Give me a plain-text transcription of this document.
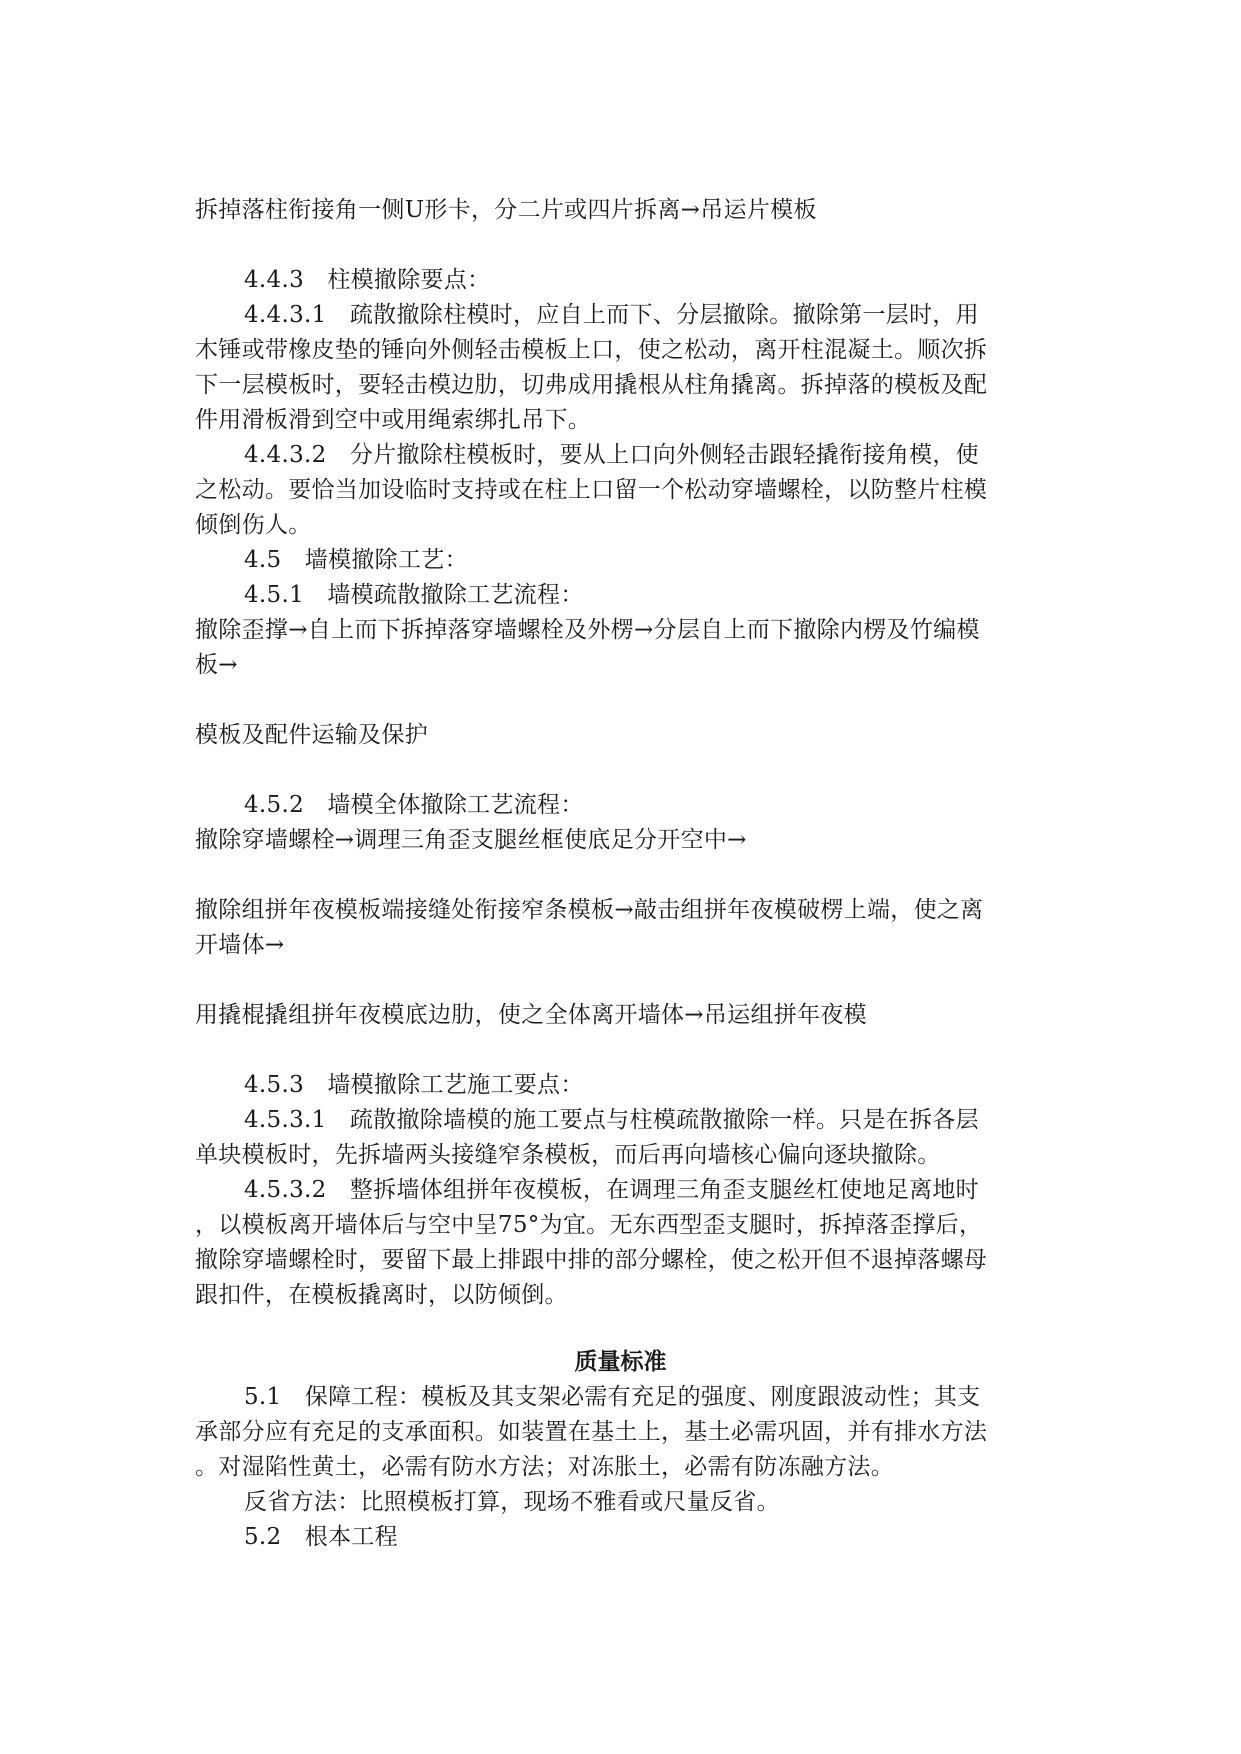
拆掉落柱衔接角一侧U形卡，分二片或四片拆离→吊运片模板
4.4.3　柱模撤除要点：
4.4.3.1　疏散撤除柱模时，应自上而下、分层撤除。撤除第一层时，用
木锤或带橡皮垫的锤向外侧轻击模板上口，使之松动，离开柱混凝土。顺次拆
下一层模板时，要轻击模边肋，切弗成用撬根从柱角撬离。拆掉落的模板及配
件用滑板滑到空中或用绳索绑扎吊下。
4.4.3.2　分片撤除柱模板时，要从上口向外侧轻击跟轻撬衔接角模，使
之松动。要恰当加设临时支持或在柱上口留一个松动穿墙螺栓，以防整片柱模
倾倒伤人。
4.5　墙模撤除工艺：
4.5.1　墙模疏散撤除工艺流程：
撤除歪撑→自上而下拆掉落穿墙螺栓及外楞→分层自上而下撤除内楞及竹编模
板→
模板及配件运输及保护
4.5.2　墙模全体撤除工艺流程：
撤除穿墙螺栓→调理三角歪支腿丝框使底足分开空中→
撤除组拼年夜模板端接缝处衔接窄条模板→敲击组拼年夜模破楞上端，使之离
开墙体→
用撬棍撬组拼年夜模底边肋，使之全体离开墙体→吊运组拼年夜模
4.5.3　墙模撤除工艺施工要点：
4.5.3.1　疏散撤除墙模的施工要点与柱模疏散撤除一样。只是在拆各层
单块模板时，先拆墙两头接缝窄条模板，而后再向墙核心偏向逐块撤除。
4.5.3.2　整拆墙体组拼年夜模板，在调理三角歪支腿丝杠使地足离地时
，以模板离开墙体后与空中呈75°为宜。无东西型歪支腿时，拆掉落歪撑后，
撤除穿墙螺栓时，要留下最上排跟中排的部分螺栓，使之松开但不退掉落螺母
跟扣件，在模板撬离时，以防倾倒。
质量标准
5.1　保障工程：模板及其支架必需有充足的强度、刚度跟波动性；其支
承部分应有充足的支承面积。如装置在基土上，基土必需巩固，并有排水方法
。对湿陷性黄土，必需有防水方法；对冻胀土，必需有防冻融方法。
反省方法：比照模板打算，现场不雅看或尺量反省。
5.2　根本工程
